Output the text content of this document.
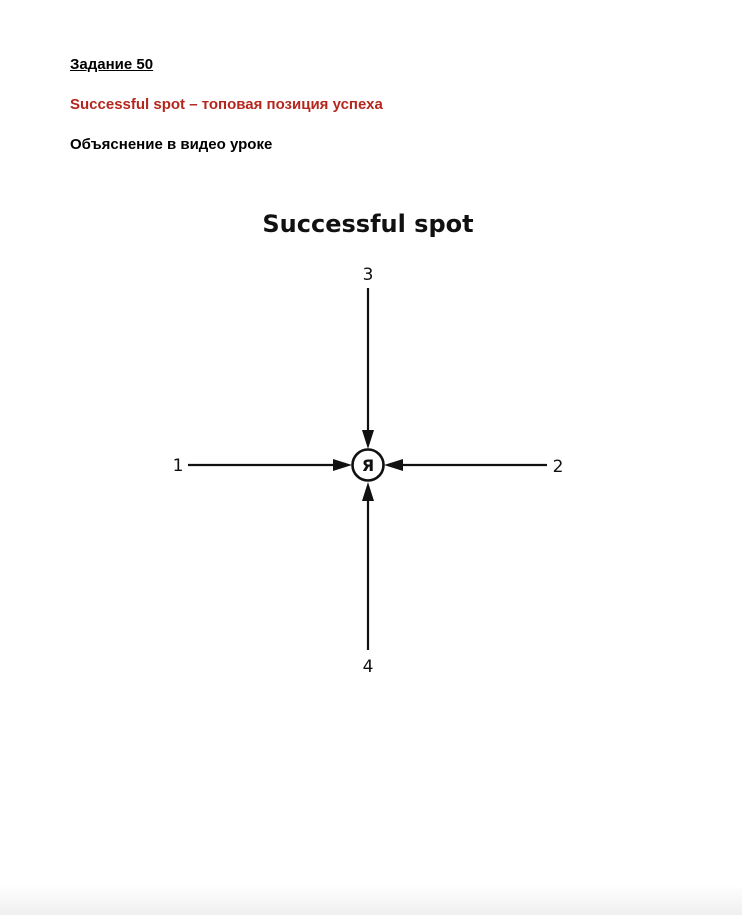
Задание 50

Successful spot – топовая позиция успеха

Объяснение в видео уроке

Successful spot
Я
3
4
1	2
